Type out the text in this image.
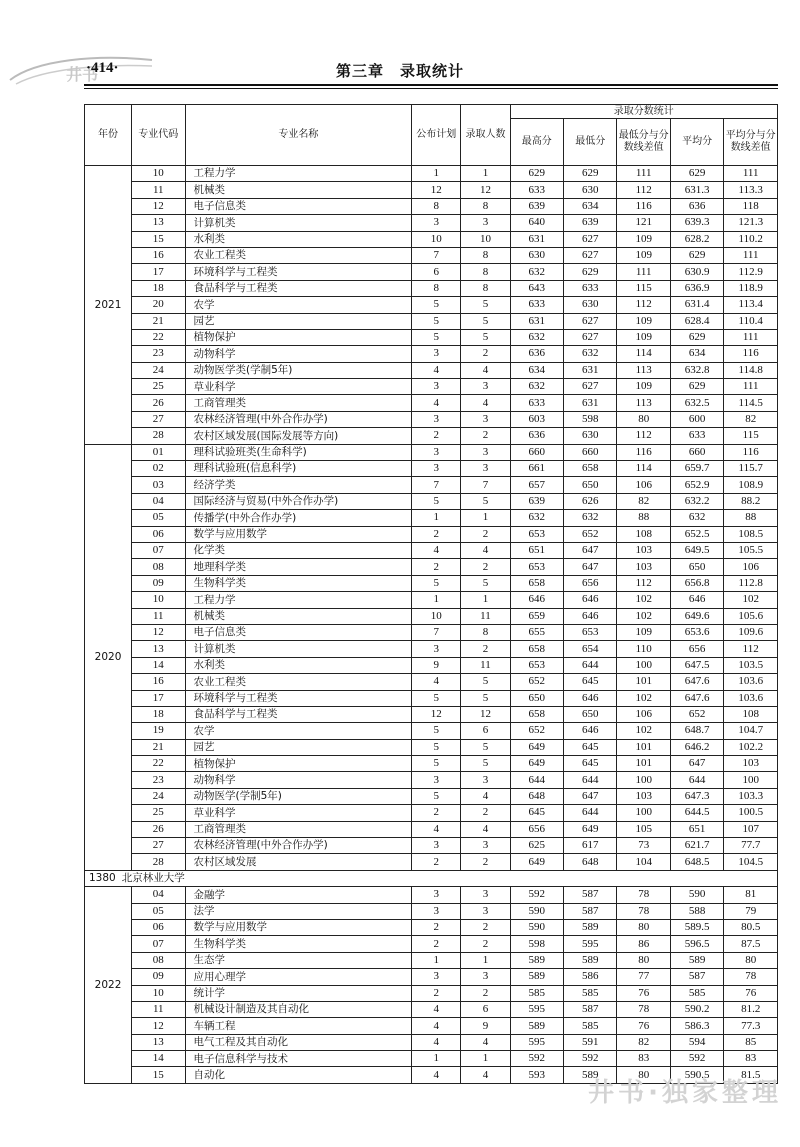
井书
·414·	第三章　录取统计
年份	专业代码	专业名称	公布计划	录取人数	录取分数统计				
					最高分	最低分	最低分与分数线差值	平均分	平均分与分数线差值
2021	10	工程力学	1	1	629	629	111	629	111
	11	机械类	12	12	633	630	112	631.3	113.3
	12	电子信息类	8	8	639	634	116	636	118
	13	计算机类	3	3	640	639	121	639.3	121.3
	15	水利类	10	10	631	627	109	628.2	110.2
	16	农业工程类	7	8	630	627	109	629	111
	17	环境科学与工程类	6	8	632	629	111	630.9	112.9
	18	食品科学与工程类	8	8	643	633	115	636.9	118.9
	20	农学	5	5	633	630	112	631.4	113.4
	21	园艺	5	5	631	627	109	628.4	110.4
	22	植物保护	5	5	632	627	109	629	111
	23	动物科学	3	2	636	632	114	634	116
	24	动物医学类(学制5年)	4	4	634	631	113	632.8	114.8
	25	草业科学	3	3	632	627	109	629	111
	26	工商管理类	4	4	633	631	113	632.5	114.5
	27	农林经济管理(中外合作办学)	3	3	603	598	80	600	82
	28	农村区域发展(国际发展等方向)	2	2	636	630	112	633	115
2020	01	理科试验班类(生命科学)	3	3	660	660	116	660	116
	02	理科试验班(信息科学)	3	3	661	658	114	659.7	115.7
	03	经济学类	7	7	657	650	106	652.9	108.9
	04	国际经济与贸易(中外合作办学)	5	5	639	626	82	632.2	88.2
	05	传播学(中外合作办学)	1	1	632	632	88	632	88
	06	数学与应用数学	2	2	653	652	108	652.5	108.5
	07	化学类	4	4	651	647	103	649.5	105.5
	08	地理科学类	2	2	653	647	103	650	106
	09	生物科学类	5	5	658	656	112	656.8	112.8
	10	工程力学	1	1	646	646	102	646	102
	11	机械类	10	11	659	646	102	649.6	105.6
	12	电子信息类	7	8	655	653	109	653.6	109.6
	13	计算机类	3	2	658	654	110	656	112
	14	水利类	9	11	653	644	100	647.5	103.5
	16	农业工程类	4	5	652	645	101	647.6	103.6
	17	环境科学与工程类	5	5	650	646	102	647.6	103.6
	18	食品科学与工程类	12	12	658	650	106	652	108
	19	农学	5	6	652	646	102	648.7	104.7
	21	园艺	5	5	649	645	101	646.2	102.2
	22	植物保护	5	5	649	645	101	647	103
	23	动物科学	3	3	644	644	100	644	100
	24	动物医学(学制5年)	5	4	648	647	103	647.3	103.3
	25	草业科学	2	2	645	644	100	644.5	100.5
	26	工商管理类	4	4	656	649	105	651	107
	27	农林经济管理(中外合作办学)	3	3	625	617	73	621.7	77.7
	28	农村区域发展	2	2	649	648	104	648.5	104.5
1380 北京林业大学									
2022	04	金融学	3	3	592	587	78	590	81
	05	法学	3	3	590	587	78	588	79
	06	数学与应用数学	2	2	590	589	80	589.5	80.5
	07	生物科学类	2	2	598	595	86	596.5	87.5
	08	生态学	1	1	589	589	80	589	80
	09	应用心理学	3	3	589	586	77	587	78
	10	统计学	2	2	585	585	76	585	76
	11	机械设计制造及其自动化	4	6	595	587	78	590.2	81.2
	12	车辆工程	4	9	589	585	76	586.3	77.3
	13	电气工程及其自动化	4	4	595	591	82	594	85
	14	电子信息科学与技术	1	1	592	592	83	592	83
	15	自动化	4	4	593	589	80	590.5	81.5
井书·独家整理
